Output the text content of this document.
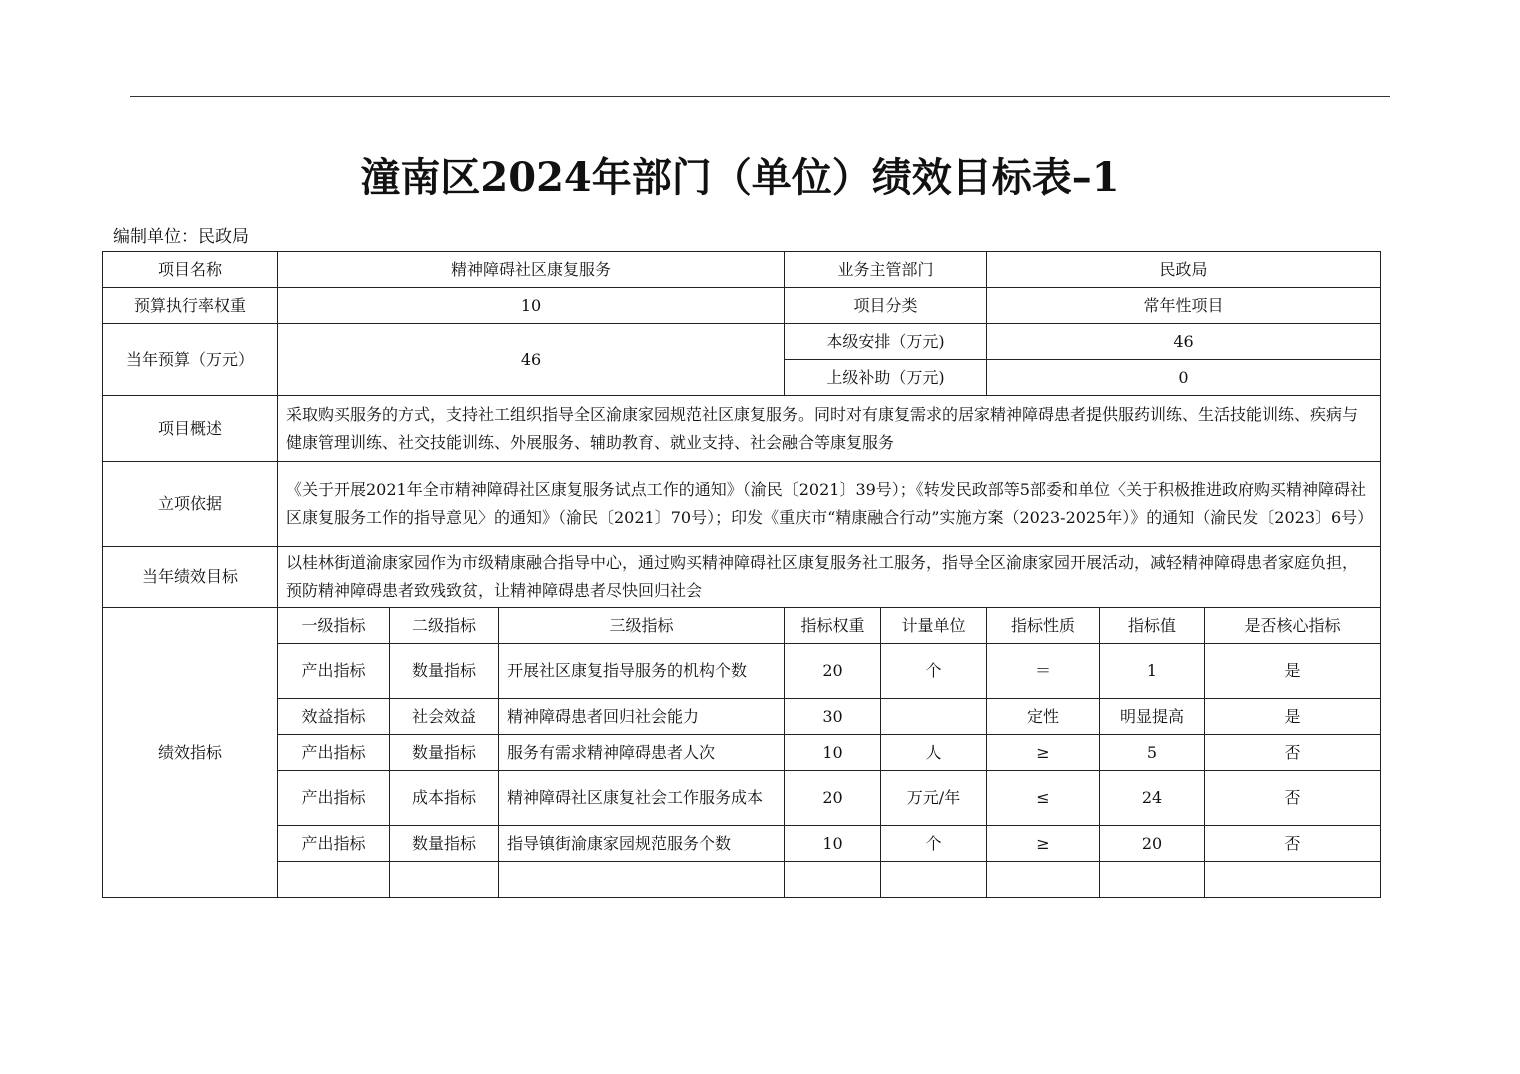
潼南区2024年部门（单位）绩效目标表–1
编制单位：民政局
项目名称	精神障碍社区康复服务			业务主管部门		民政局		
预算执行率权重	10			项目分类		常年性项目		
当年预算（万元）	46			本级安排（万元)		46		
				上级补助（万元)		0		
项目概述	采取购买服务的方式，支持社工组织指导全区渝康家园规范社区康复服务。同时对有康复需求的居家精神障碍患者提供服药训练、生活技能训练、疾病与健康管理训练、社交技能训练、外展服务、辅助教育、就业支持、社会融合等康复服务							
立项依据	《关于开展2021年全市精神障碍社区康复服务试点工作的通知》（渝民〔2021〕39号）；《转发民政部等5部委和单位〈关于积极推进政府购买精神障碍社区康复服务工作的指导意见〉的通知》（渝民〔2021〕70号）；印发《重庆市“精康融合行动”实施方案（2023-2025年）》的通知（渝民发〔2023〕6号）							
当年绩效目标	以桂林街道渝康家园作为市级精康融合指导中心，通过购买精神障碍社区康复服务社工服务，指导全区渝康家园开展活动，减轻精神障碍患者家庭负担，预防精神障碍患者致残致贫，让精神障碍患者尽快回归社会							
绩效指标	一级指标	二级指标	三级指标	指标权重	计量单位	指标性质	指标值	是否核心指标
	产出指标	数量指标	开展社区康复指导服务的机构个数	20	个	＝	1	是
	效益指标	社会效益	精神障碍患者回归社会能力	30		定性	明显提高	是
	产出指标	数量指标	服务有需求精神障碍患者人次	10	人	≥	5	否
	产出指标	成本指标	精神障碍社区康复社会工作服务成本	20	万元/年	≤	24	否
	产出指标	数量指标	指导镇街渝康家园规范服务个数	10	个	≥	20	否
